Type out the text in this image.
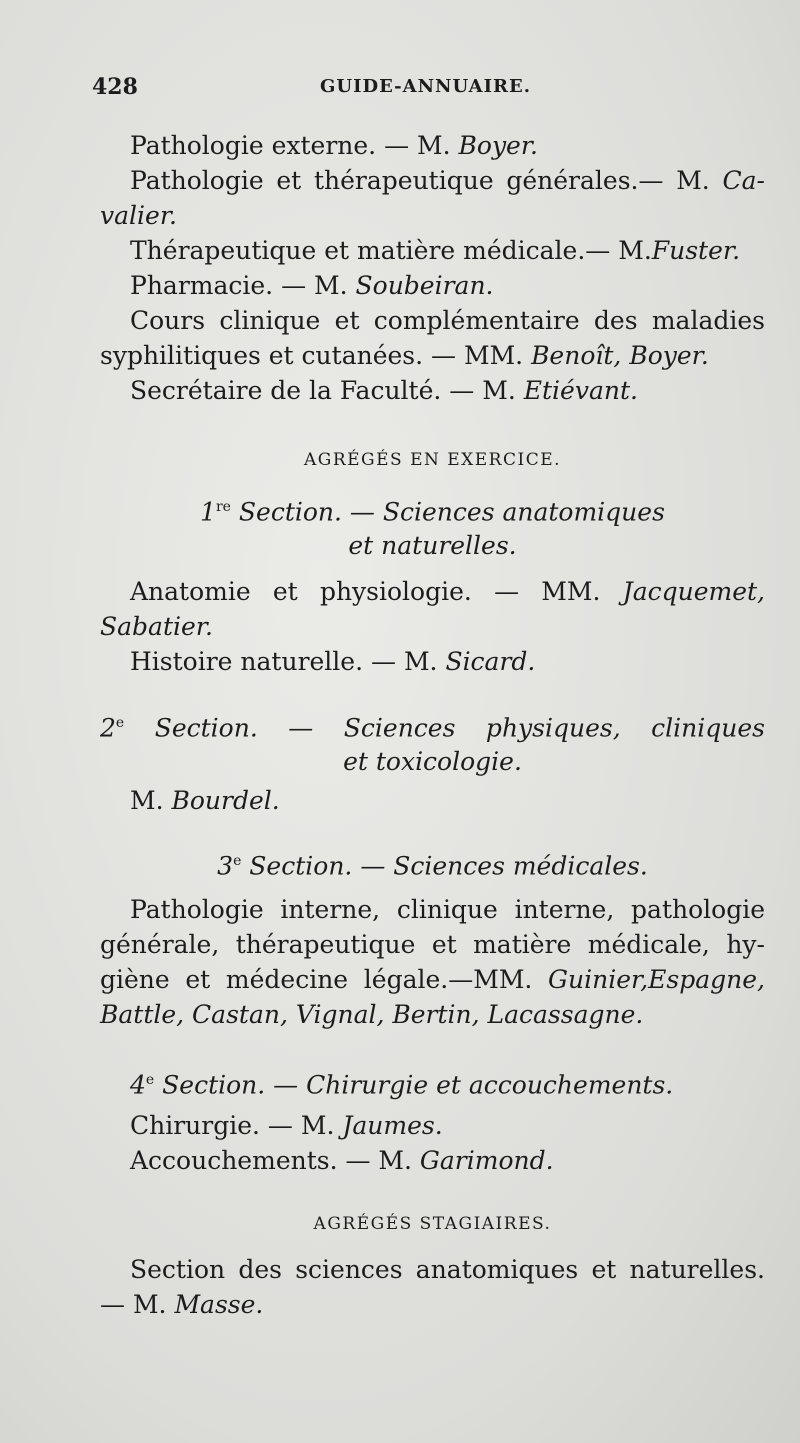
428	GUIDE-ANNUAIRE.
Pathologie externe. — M. Boyer.
Pathologie et thérapeutique générales.— M. Ca-
valier.
Thérapeutique et matière médicale.— M.Fuster.
Pharmacie. — M. Soubeiran.
Cours clinique et complémentaire des maladies
syphilitiques et cutanées. — MM. Benoît, Boyer.
Secrétaire de la Faculté. — M. Etiévant.
AGRÉGÉS EN EXERCICE.
1re Section. — Sciences anatomiques
et naturelles.
Anatomie et physiologie. — MM. Jacquemet,
Sabatier.
Histoire naturelle. — M. Sicard.
2e Section. — Sciences physiques, cliniques
et toxicologie.
M. Bourdel.
3e Section. — Sciences médicales.
Pathologie interne, clinique interne, pathologie
générale, thérapeutique et matière médicale, hy-
giène et médecine légale.—MM. Guinier,Espagne,
Battle, Castan, Vignal, Bertin, Lacassagne.
4e Section. — Chirurgie et accouchements.
Chirurgie. — M. Jaumes.
Accouchements. — M. Garimond.
AGRÉGÉS STAGIAIRES.
Section des sciences anatomiques et naturelles.
— M. Masse.
